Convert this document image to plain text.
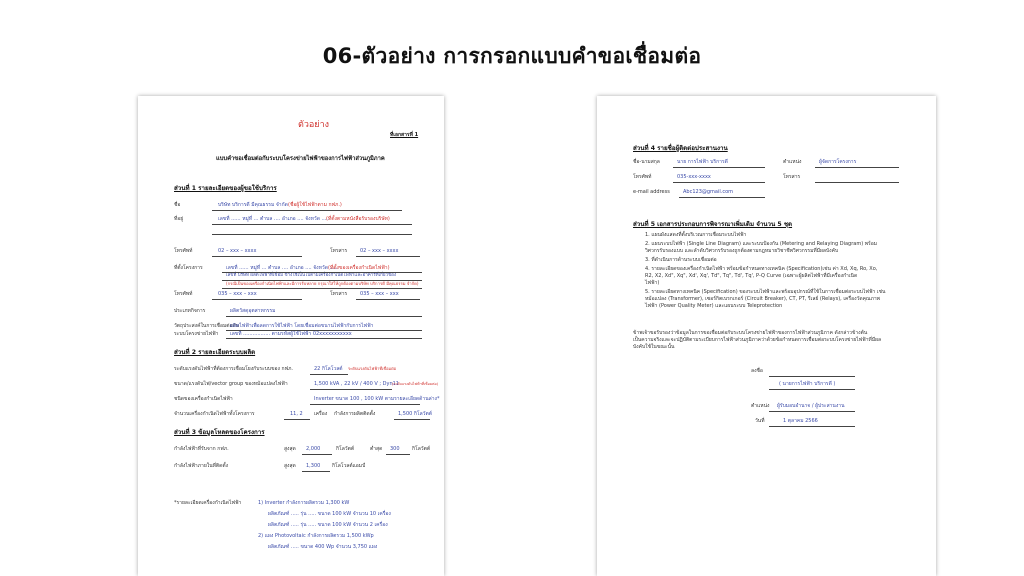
06-ตัวอย่าง การกรอกแบบคำขอเชื่อมต่อ
ตัวอย่าง
ที่เอกสารที่ 1
แบบคำขอเชื่อมต่อกับระบบโครงข่ายไฟฟ้าของการไฟฟ้าส่วนภูมิภาค
ส่วนที่ 1 รายละเอียดของผู้ขอใช้บริการ
ชื่อ	บริษัท บริการดี มีคุณธรรม จำกัด (ชื่อผู้ใช้ไฟฟ้าตาม กฟภ.)
ที่อยู่	เลขที่ ...... หมู่ที่ ... ตำบล .... อำเภอ .... จังหวัด .....
(ที่ตั้งตามหนังสือรับรองบริษัท)
โทรศัพท์	02 – xxx – xxxx	โทรสาร	02 – xxx – xxxx
ที่ตั้งโครงการ	เลขที่ ...... หมู่ที่ ... ตำบล .... อำเภอ .... จังหวัด .....
(ที่ตั้งของเครื่องกำเนิดไฟฟ้า)
เลขที่ บริษัท ผลิตไฟฟ้าที่เชื่อม ข้างใช้เป็นไปตามเครื่องกำเนิดไฟฟ้าและอาคารที่เกี่ยวข้อง
(กรณีเป็นของเครื่องกำเนิดไฟฟ้าและมีการรับหลาย กรุณาใส่ให้ถูกต้องตามบริษัท บริการดี มีคุณธรรม จำกัด)
โทรศัพท์	035 – xxx – xxx	โทรสาร	035 – xxx – xxx
ประเภทกิจการ	ผลิตวัสดุอุตสาหกรรม
วัตถุประสงค์ในการเชื่อมต่อกับ
ระบบโครงข่ายไฟฟ้า
ผลิตไฟฟ้าเพื่อลดการใช้ไฟฟ้า โดยเชื่อมต่อขนานไฟฟ้ากับการไฟฟ้า
เลขที่ ................. ตามรหัสผู้ใช้ไฟฟ้า 02xxxxxxxxxxx
ส่วนที่ 2 รายละเอียดระบบผลิต
ระดับแรงดันไฟฟ้าที่ต้องการเชื่อมโยงกับระบบของ กฟภ.	22 กิโลโวลต์ ระดับแรงดันไฟฟ้าที่เชื่อมต่อ
ขนาด/แรงดันไฟ/vector group ของหม้อแปลงไฟฟ้า	1,500 kVA , 22 kV / 400 V ; Dyn11
(ระดับแรงดันไฟฟ้าที่เชื่อมต่อ)
ชนิดของเครื่องกำเนิดไฟฟ้า	Inverter ขนาด 100 , 100 kW ตามรายละเอียดด้านล่าง*
จำนวนเครื่องกำเนิดไฟฟ้าทั้งโครงการ	11, 2 เครื่อง กำลังการผลิตติดตั้ง	1,500 กิโลวัตต์
ส่วนที่ 3 ข้อมูลโหลดของโครงการ
กำลังไฟฟ้าที่รับจาก กฟภ.	สูงสุด 2,000	กิโลวัตต์	ต่ำสุด 300 กิโลวัตต์
กำลังไฟฟ้าภายในที่ติดตั้ง	สูงสุด 1,300 กิโลโวลต์แอมป์
*รายละเอียดเครื่องกำเนิดไฟฟ้า	1) Inverter กำลังการผลิตรวม 1,300 kW
ผลิตภัณฑ์ ..... รุ่น ..... ขนาด 100 kW จำนวน 10 เครื่อง
ผลิตภัณฑ์ ..... รุ่น ..... ขนาด 100 kW จำนวน 2 เครื่อง
2) แผง Photovoltaic กำลังการผลิตรวม 1,500 kWp
ผลิตภัณฑ์ ..... ขนาด 400 Wp จำนวน 3,750 แผง
ส่วนที่ 4 รายชื่อผู้ติดต่อประสานงาน
ชื่อ-นามสกุล	นาย การไฟฟ้า บริการดี	ตำแหน่ง	ผู้จัดการโครงการ
โทรศัพท์	035-xxx-xxxx	โทรสาร
e-mail address	Abc123@gmail.com
ส่วนที่ 5 เอกสารประกอบการพิจารณาเพิ่มเติม จำนวน 5 ชุด
1. แผนผังแสดงที่ตั้งบริเวณการเชื่อมระบบไฟฟ้า
2. แผนระบบไฟฟ้า (Single Line Diagram) และระบบป้องกัน (Metering and Relaying Diagram) พร้อม
วิศวกรรับรองแบบ และลำดับวิศวกรรับรองถูกต้องตามกฎหมายวิชาชีพวิศวกรรมที่มีผลบังคับ
3. ที่ดำเนินการด้านระบบเชื่อมต่อ
4. รายละเอียดของเครื่องกำเนิดไฟฟ้า พร้อมข้อกำหนดทางเทคนิค (Specification)เช่น ค่า Xd, Xq, Ro, Xo,
R2, X2, Xd", Xq", Xd', Xq', Td", Tq", Td', Tq', P-Q Curve (เฉพาะผู้ผลิตไฟฟ้าที่มีเครื่องกำเนิด
ไฟฟ้า)
5. รายละเอียดทางเทคนิค (Specification) ของระบบไฟฟ้าและพร้อมอุปกรณ์ที่ใช้ในการเชื่อมต่อระบบไฟฟ้า เช่น
หม้อแปลง (Transformer), เซอร์กิตเบรกเกอร์ (Circuit Breaker), CT, PT, รีเลย์ (Relays), เครื่องวัดคุณภาพ
ไฟฟ้า (Power Quality Meter) และแผนระบบ Teleprotection
ข้าพเจ้าขอรับรองว่าข้อมูลในการขอเชื่อมต่อกับระบบโครงข่ายไฟฟ้าของการไฟฟ้าส่วนภูมิภาค ดังกล่าวข้างต้น
เป็นความจริงและจะปฏิบัติตามระเบียบการไฟฟ้าส่วนภูมิภาคว่าด้วยข้อกำหนดการเชื่อมต่อระบบโครงข่ายไฟฟ้าที่มีผล
บังคับใช้ในขณะนั้น
ลงชื่อ
( นายการไฟฟ้า บริการดี )
ตำแหน่ง ผู้รับมอบอำนาจ / ผู้ประสานงาน
วันที่	1 ตุลาคม 2566
